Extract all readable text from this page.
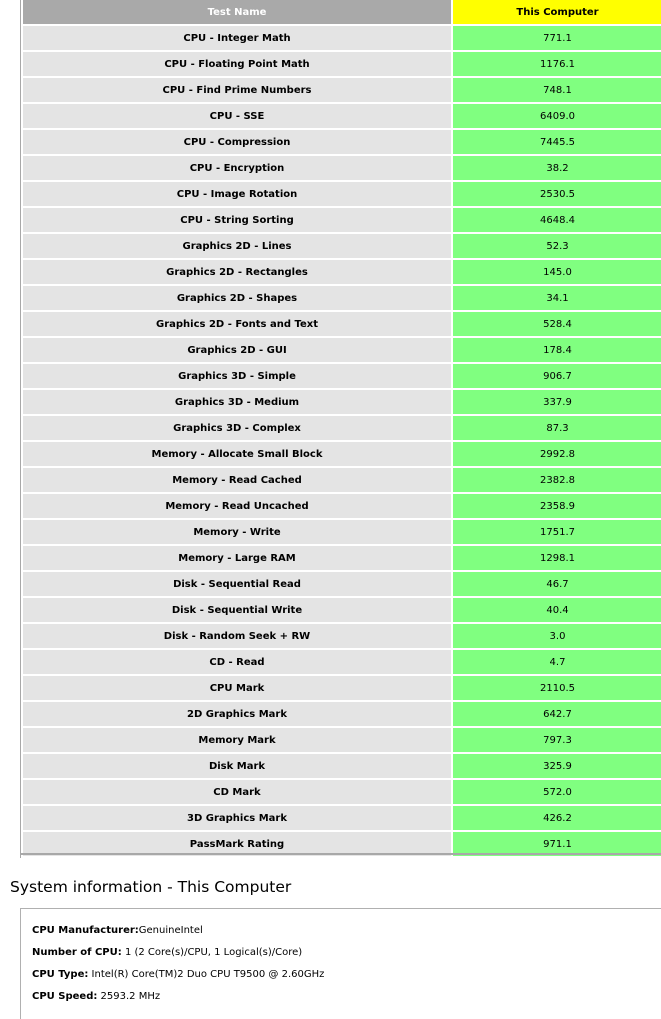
Test Name	This Computer
CPU - Integer Math	771.1
CPU - Floating Point Math	1176.1
CPU - Find Prime Numbers	748.1
CPU - SSE	6409.0
CPU - Compression	7445.5
CPU - Encryption	38.2
CPU - Image Rotation	2530.5
CPU - String Sorting	4648.4
Graphics 2D - Lines	52.3
Graphics 2D - Rectangles	145.0
Graphics 2D - Shapes	34.1
Graphics 2D - Fonts and Text	528.4
Graphics 2D - GUI	178.4
Graphics 3D - Simple	906.7
Graphics 3D - Medium	337.9
Graphics 3D - Complex	87.3
Memory - Allocate Small Block	2992.8
Memory - Read Cached	2382.8
Memory - Read Uncached	2358.9
Memory - Write	1751.7
Memory - Large RAM	1298.1
Disk - Sequential Read	46.7
Disk - Sequential Write	40.4
Disk - Random Seek + RW	3.0
CD - Read	4.7
CPU Mark	2110.5
2D Graphics Mark	642.7
Memory Mark	797.3
Disk Mark	325.9
CD Mark	572.0
3D Graphics Mark	426.2
PassMark Rating	971.1
System information - This Computer
CPU Manufacturer:GenuineIntel
Number of CPU: 1 (2 Core(s)/CPU, 1 Logical(s)/Core)
CPU Type: Intel(R) Core(TM)2 Duo CPU T9500 @ 2.60GHz
CPU Speed: 2593.2 MHz
